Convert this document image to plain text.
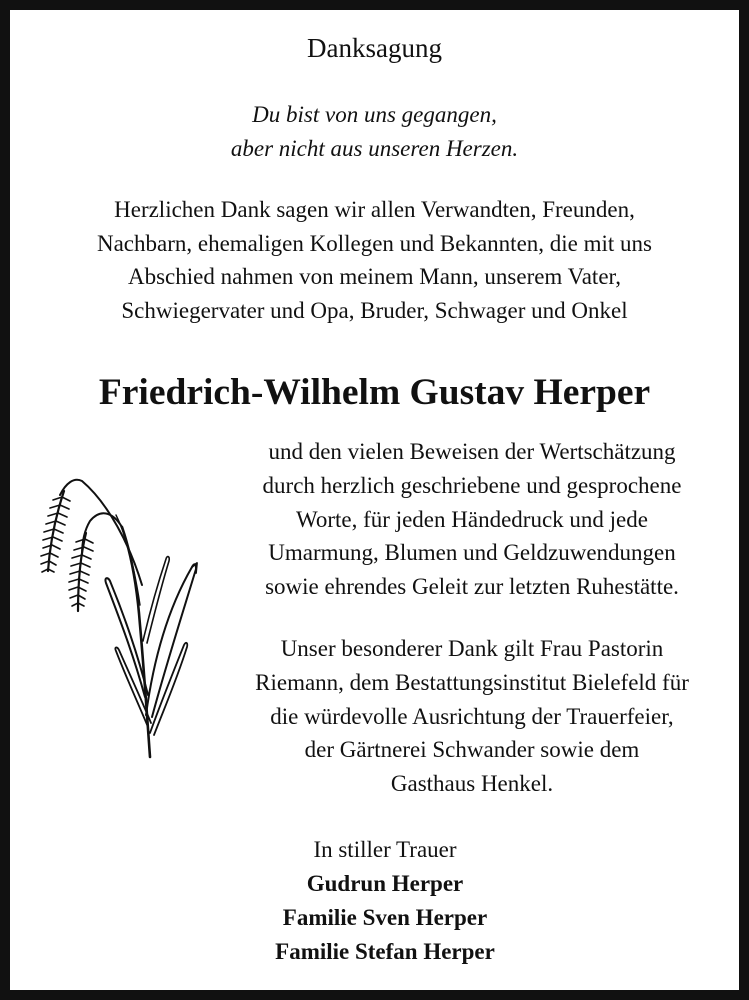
Danksagung
Du bist von uns gegangen,
aber nicht aus unseren Herzen.
Herzlichen Dank sagen wir allen Verwandten, Freunden,
Nachbarn, ehemaligen Kollegen und Bekannten, die mit uns
Abschied nahmen von meinem Mann, unserem Vater,
Schwiegervater und Opa, Bruder, Schwager und Onkel
Friedrich-Wilhelm Gustav Herper
und den vielen Beweisen der Wertschätzung
durch herzlich geschriebene und gesprochene
Worte, für jeden Händedruck und jede
Umarmung, Blumen und Geldzuwendungen
sowie ehrendes Geleit zur letzten Ruhestätte.
Unser besonderer Dank gilt Frau Pastorin
Riemann, dem Bestattungsinstitut Bielefeld für
die würdevolle Ausrichtung der Trauerfeier,
der Gärtnerei Schwander sowie dem
Gasthaus Henkel.
In stiller Trauer
Gudrun Herper
Familie Sven Herper
Familie Stefan Herper
